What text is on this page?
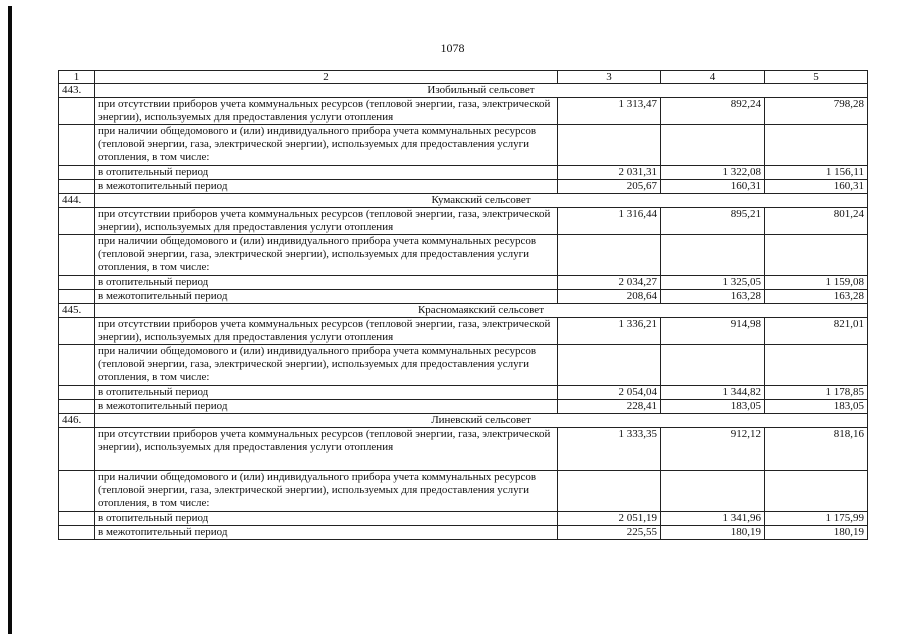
1078
1	2	3	4	5
443.	Изобильный сельсовет			
	при отсутствии приборов учета коммунальных ресурсов (тепловой энергии, газа, электрической энергии), используемых для предоставления услуги отопления	1 313,47	892,24	798,28
	при наличии общедомового и (или) индивидуального прибора учета коммунальных ресурсов (тепловой энергии, газа, электрической энергии), используемых для предоставления услуги отопления, в том числе:			
	в отопительный период	2 031,31	1 322,08	1 156,11
	в межотопительный период	205,67	160,31	160,31
444.	Кумакский сельсовет			
	при отсутствии приборов учета коммунальных ресурсов (тепловой энергии, газа, электрической энергии), используемых для предоставления услуги отопления	1 316,44	895,21	801,24
	при наличии общедомового и (или) индивидуального прибора учета коммунальных ресурсов (тепловой энергии, газа, электрической энергии), используемых для предоставления услуги отопления, в том числе:			
	в отопительный период	2 034,27	1 325,05	1 159,08
	в межотопительный период	208,64	163,28	163,28
445.	Красномаякский сельсовет			
	при отсутствии приборов учета коммунальных ресурсов (тепловой энергии, газа, электрической энергии), используемых для предоставления услуги отопления	1 336,21	914,98	821,01
	при наличии общедомового и (или) индивидуального прибора учета коммунальных ресурсов (тепловой энергии, газа, электрической энергии), используемых для предоставления услуги отопления, в том числе:			
	в отопительный период	2 054,04	1 344,82	1 178,85
	в межотопительный период	228,41	183,05	183,05
446.	Линевский сельсовет			
	при отсутствии приборов учета коммунальных ресурсов (тепловой энергии, газа, электрической энергии), используемых для предоставления услуги отопления	1 333,35	912,12	818,16
	при наличии общедомового и (или) индивидуального прибора учета коммунальных ресурсов (тепловой энергии, газа, электрической энергии), используемых для предоставления услуги отопления, в том числе:			
	в отопительный период	2 051,19	1 341,96	1 175,99
	в межотопительный период	225,55	180,19	180,19
